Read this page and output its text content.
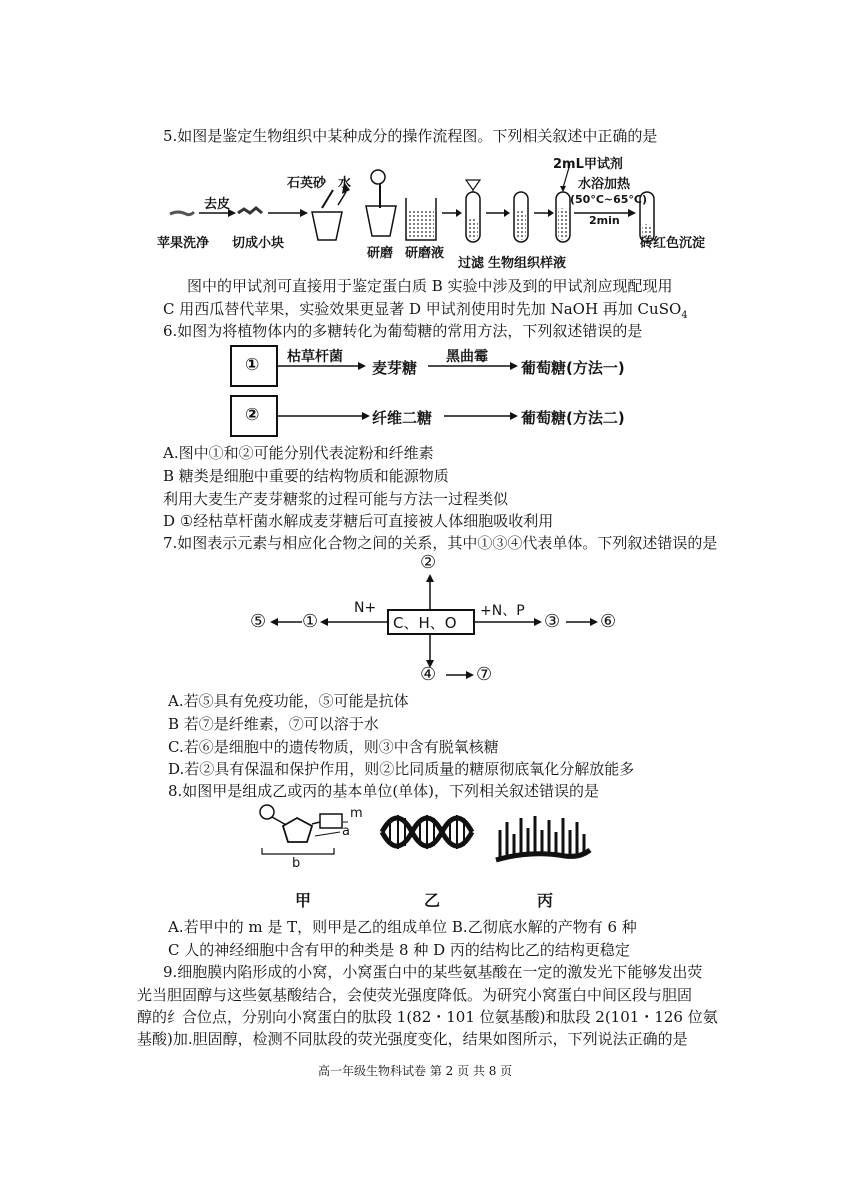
5.如图是鉴定生物组织中某种成分的操作流程图。下列相关叙述中正确的是
去皮
石英砂 水
2mL甲试剂
水浴加热
(50°C~65°C)
2min
苹果洗净 切成小块
研磨 研磨液
过滤 生物组织样液
砖红色沉淀
图中的甲试剂可直接用于鉴定蛋白质 B 实验中涉及到的甲试剂应现配现用
C 用西瓜替代苹果，实验效果更显著 D 甲试剂使用时先加 NaOH 再加 CuSO$_4$
6.如图为将植物体内的多糖转化为葡萄糖的常用方法，下列叙述错误的是
①
②
枯草杆菌
麦芽糖
黑曲霉
葡萄糖(方法一)
纤维二糖	葡萄糖(方法二)
A.图中①和②可能分别代表淀粉和纤维素
B 糖类是细胞中重要的结构物质和能源物质
利用大麦生产麦芽糖浆的过程可能与方法一过程类似
D ①经枯草杆菌水解成麦芽糖后可直接被人体细胞吸收利用
7.如图表示元素与相应化合物之间的关系，其中①③④代表单体。下列叙述错误的是
C、H、O
N+	+N、P
②
①
⑤	③ ⑥
④ ⑦
A.若⑤具有免疫功能，⑤可能是抗体
B 若⑦是纤维素，⑦可以溶于水
C.若⑥是细胞中的遗传物质，则③中含有脱氧核糖
D.若②具有保温和保护作用，则②比同质量的糖原彻底氧化分解放能多
8.如图甲是组成乙或丙的基本单位(单体)，下列相关叙述错误的是
m
a
b
甲	乙	丙
A.若甲中的 m 是 T，则甲是乙的组成单位 B.乙彻底水解的产物有 6 种
C 人的神经细胞中含有甲的种类是 8 种 D 丙的结构比乙的结构更稳定
9.细胞膜内陷形成的小窝，小窝蛋白中的某些氨基酸在一定的激发光下能够发出荧
光当胆固醇与这些氨基酸结合，会使荧光强度降低。为研究小窝蛋白中间区段与胆固
醇的纟合位点，分别向小窝蛋白的肽段 1(82・101 位氨基酸)和肽段 2(101・126 位氨
基酸)加.胆固醇，检测不同肽段的荧光强度变化，结果如图所示，下列说法正确的是
高一年级生物科试卷 第 2 页 共 8 页
